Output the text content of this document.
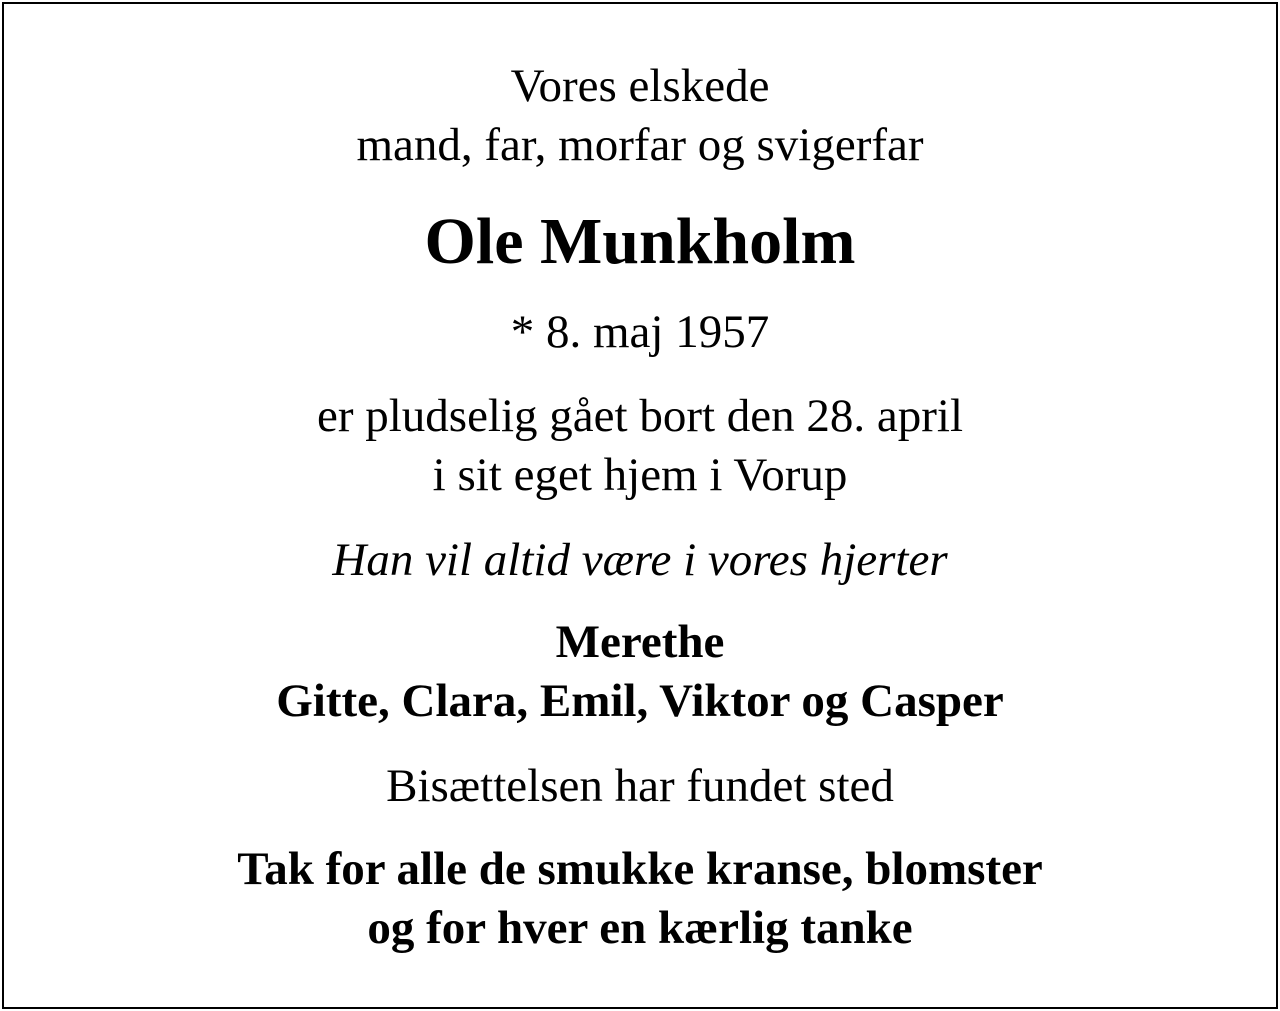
Vores elskede
mand, far, morfar og svigerfar
Ole Munkholm
* 8. maj 1957
er pludselig gået bort den 28. april
i sit eget hjem i Vorup
Han vil altid være i vores hjerter
Merethe
Gitte, Clara, Emil, Viktor og Casper
Bisættelsen har fundet sted
Tak for alle de smukke kranse, blomster
og for hver en kærlig tanke
